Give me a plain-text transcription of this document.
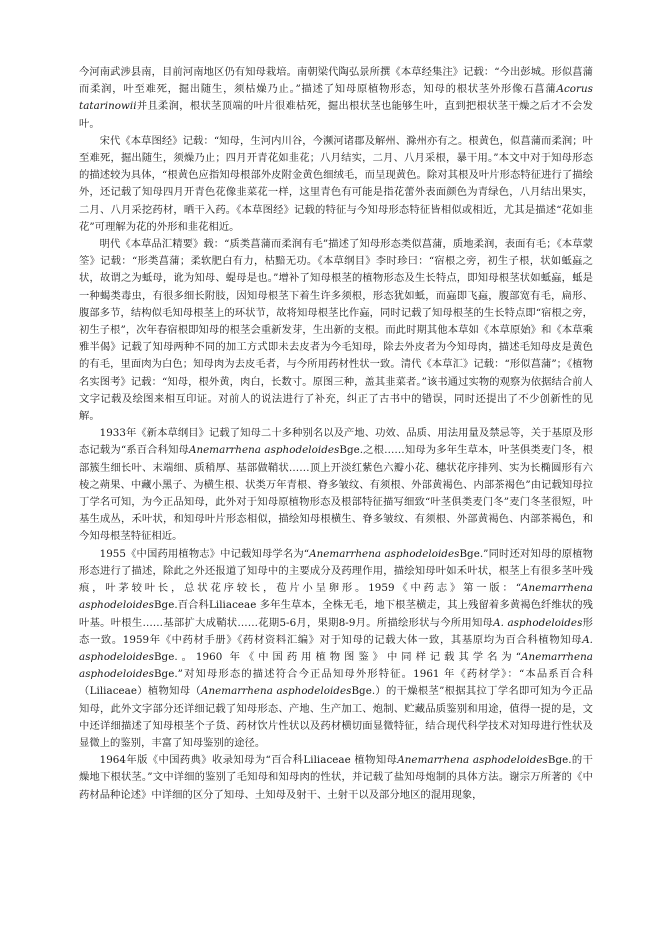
今河南武涉县南，目前河南地区仍有知母栽培。南朝梁代陶弘景所撰《本草经集注》记载：“今出彭城。形似菖蒲而柔润，叶至难死，掘出随生，须枯燥乃止。”描述了知母原植物形态，知母的根状茎外形像石菖蒲Acorus tatarinowii并且柔润，根状茎顶端的叶片很难枯死，掘出根状茎也能够生叶，直到把根状茎干燥之后才不会发叶。

宋代《本草图经》记载：“知母，生河内川谷，今濒河诸郡及解州、滁州亦有之。根黄色，似菖蒲而柔润；叶至难死，掘出随生，须燥乃止；四月开青花如韭花；八月结实，二月、八月采根，暴干用。”本文中对于知母形态的描述较为具体，“根黄色应指知母根部外皮附金黄色细绒毛，而呈现黄色。除对其根及叶片形态特征进行了描绘外，还记载了知母四月开青色花像韭菜花一样，这里青色有可能是指花蕾外表面颜色为青绿色，八月结出果实，二月、八月采挖药材，晒干入药。《本草图经》记载的特征与今知母形态特征皆相似或相近，尤其是描述“花如韭花”可理解为花的外形和韭花相近。

明代《本草品汇精要》载：“质类菖蒲而柔润有毛”描述了知母形态类似菖蒲，质地柔润，表面有毛；《本草蒙筌》记载：“形类菖蒲；柔软肥白有力，枯黯无功。《本草纲目》李时珍曰：“宿根之旁，初生子根，状如蚳蝱之状，故谓之为蚳母，讹为知母、蝭母是也。”增补了知母根茎的植物形态及生长特点，即知母根茎状如蚳蝱，蚳是一种蝎类毒虫，有很多细长附肢，因知母根茎下着生许多须根，形态犹如蚳，而蝱即飞蝱，腹部宽有毛，扁形、腹部多节，结构似毛知母根茎上的环状节，故将知母根茎比作蝱，同时记载了知母根茎的生长特点即“宿根之旁，初生子根”，次年春宿根即知母的根茎会重新发芽，生出新的支根。而此时期其他本草如《本草原始》和《本草乘雅半偈》记载了知母两种不同的加工方式即未去皮者为今毛知母，除去外皮者为今知母肉，描述毛知母皮是黄色的有毛，里面肉为白色；知母肉为去皮毛者，与今所用药材性状一致。清代《本草汇》记载：“形似菖蒲”；《植物名实图考》记载：“知母，根外黄，肉白，长数寸。原图三种，盖其韭菜者。”该书通过实物的观察为依据结合前人文字记载及绘图来相互印证。对前人的说法进行了补充，纠正了古书中的错误，同时还提出了不少创新性的见解。

1933年《新本草纲目》记载了知母二十多种别名以及产地、功效、品质、用法用量及禁忌等，关于基原及形态记载为“系百合科知母Anemarrhena asphodeloidesBge.之根……知母为多年生草本，叶茎俱类麦门冬，根部簇生细长叶、末端细、质稍厚、基部做鞘状……顶上开淡红紫色六瓣小花、穗状花序排列、实为长椭圆形有六棱之蒴果、中藏小黑子、为横生根、状类万年青根、脊多皱纹、有须根、外部黄褐色、内部茶褐色”由记载知母拉丁学名可知，为今正品知母，此外对于知母原植物形态及根部特征描写细致“叶茎俱类麦门冬”麦门冬茎很短，叶基生成丛，禾叶状，和知母叶片形态相似，描绘知母根横生、脊多皱纹、有须根、外部黄褐色、内部茶褐色，和今知母根茎特征相近。

1955《中国药用植物志》中记载知母学名为“Anemarrhena asphodeloidesBge.”同时还对知母的原植物形态进行了描述，除此之外还报道了知母中的主要成分及药理作用，描绘知母叶如禾叶状，根茎上有很多茎叶残痕，叶茅较叶长，总状花序较长，苞片小呈卵形。1959《中药志》第一版：“Anemarrhena asphodeloidesBge.百合科Liliaceae 多年生草本，全株无毛，地下根茎横走，其上残留着多黄褐色纤维状的残叶基。叶根生……基部扩大成鞘状……花期5-6月，果期8-9月。所描绘形状与今所用知母A. asphodeloides形态一致。1959年《中药材手册》《药材资料汇编》对于知母的记载大体一致，其基原均为百合科植物知母A. asphodeloidesBge.。1960 年《中国药用植物图鉴》中同样记载其学名为“Anemarrhena asphodeloidesBge.”对知母形态的描述符合今正品知母外形特征。1961 年《药材学》：“本品系百合科（Liliaceae）植物知母（Anemarrhena asphodeloidesBge.）的干燥根茎”根据其拉丁学名即可知为今正品知母，此外文字部分还详细记载了知母形态、产地、生产加工、炮制、贮藏品质鉴别和用途，值得一提的是，文中还详细描述了知母根茎个子货、药材饮片性状以及药材横切面显微特征，结合现代科学技术对知母进行性状及显微上的鉴别，丰富了知母鉴别的途径。

1964年版《中国药典》收录知母为“百合科Liliaceae 植物知母Anemarrhena asphodeloidesBge.的干燥地下根状茎。”文中详细的鉴别了毛知母和知母肉的性状，并记载了盐知母炮制的具体方法。谢宗万所著的《中药材品种论述》中详细的区分了知母、土知母及射干、土射干以及部分地区的混用现象，
